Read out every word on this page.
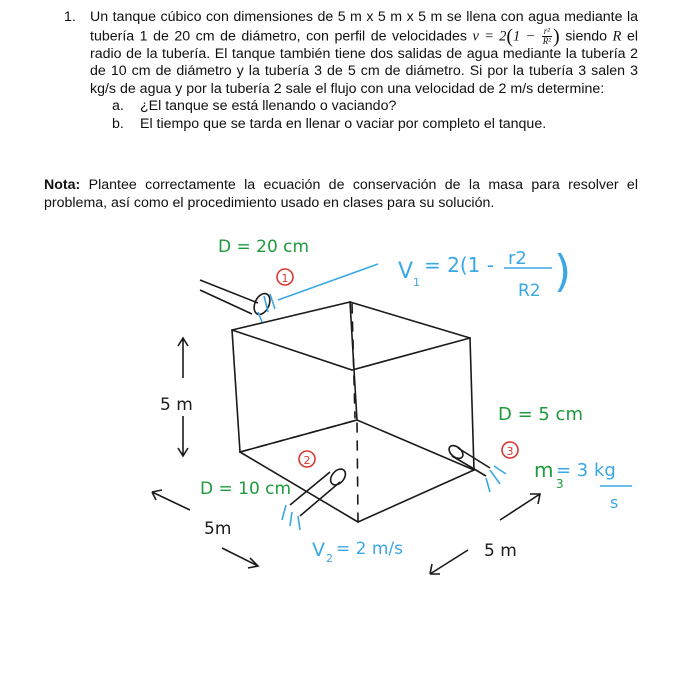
1. Un tanque cúbico con dimensiones de 5 m x 5 m x 5 m se llena con agua mediante la tubería 1 de 20 cm de diámetro, con perfil de velocidades $v = 2(1 - \frac{\text{r²}}{\text{R²}}$ ) siendo R el radio de la tubería. El tanque también tiene dos salidas de agua mediante la tubería 2 de 10 cm de diámetro y la tubería 3 de 5 cm de diámetro. Si por la tubería 3 salen 3 kg/s de agua y por la tubería 2 sale el flujo con una velocidad de 2 m/s determine:
a. ¿El tanque se está llenando o vaciando?
b. El tiempo que se tarda en llenar o vaciar por completo el tanque.
Nota: Plantee correctamente la ecuación de conservación de la masa para resolver el problema, así como el procedimiento usado en clases para su solución.
D = 20 cm
1	V 1
= 2(1 - r2
R2 )
5 m	D = 5 cm
3
m
3
= 3 kg
s
2
D = 10 cm
5m
V 2 = 2 m/s	5 m
